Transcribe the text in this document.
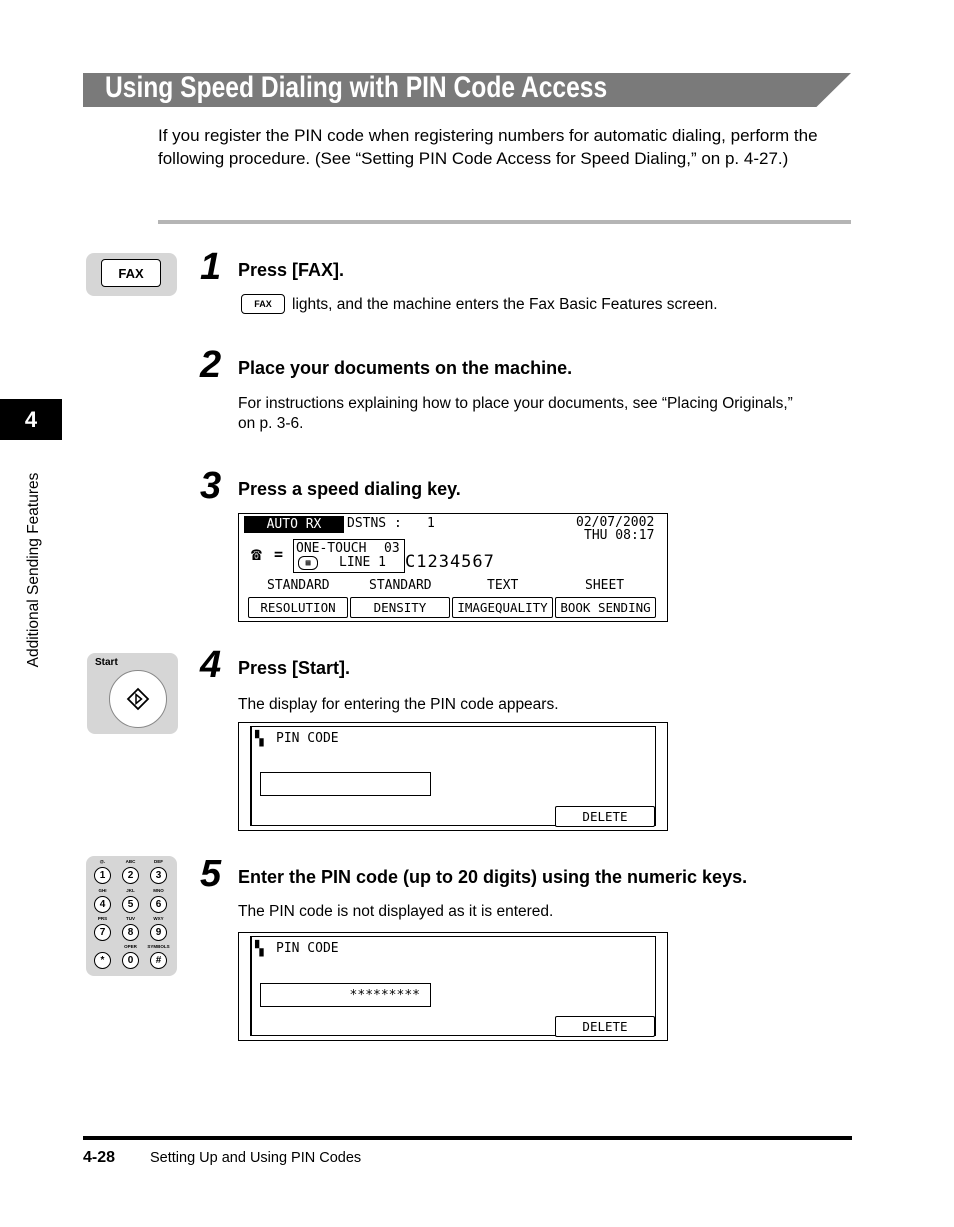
Using Speed Dialing with PIN Code Access
If you register the PIN code when registering numbers for automatic dialing, perform the following procedure. (See “Setting PIN Code Access for Speed Dialing,” on p. 4-27.)
4
Additional Sending Features
FAX	1 Press [FAX].
FAX	lights, and the machine enters the Fax Basic Features screen.
2 Place your documents on the machine.
For instructions explaining how to place your documents, see “Placing Originals,” on p. 3-6.
3 Press a speed dialing key.
AUTO RX	DSTNS : 1	02/07/2002
THU 08:17
☎ = ONE-TOUCH 03
▦	LINE 1 C1234567
STANDARD	STANDARD	TEXT	SHEET
RESOLUTION	DENSITY	IMAGEQUALITY	BOOK SENDING
Start 4 Press [Start].
The display for entering the PIN code appears.
▚ PIN CODE
DELETE
@.	ABC	DEF
1	2	3
GHI	JKL	MNO
4	5	6
PRS	TUV	WXY
7	8	9
OPER	SYMBOLS
*	0	#
5 Enter the PIN code (up to 20 digits) using the numeric keys.
The PIN code is not displayed as it is entered.
▚ PIN CODE
*********
DELETE
4-28 Setting Up and Using PIN Codes
